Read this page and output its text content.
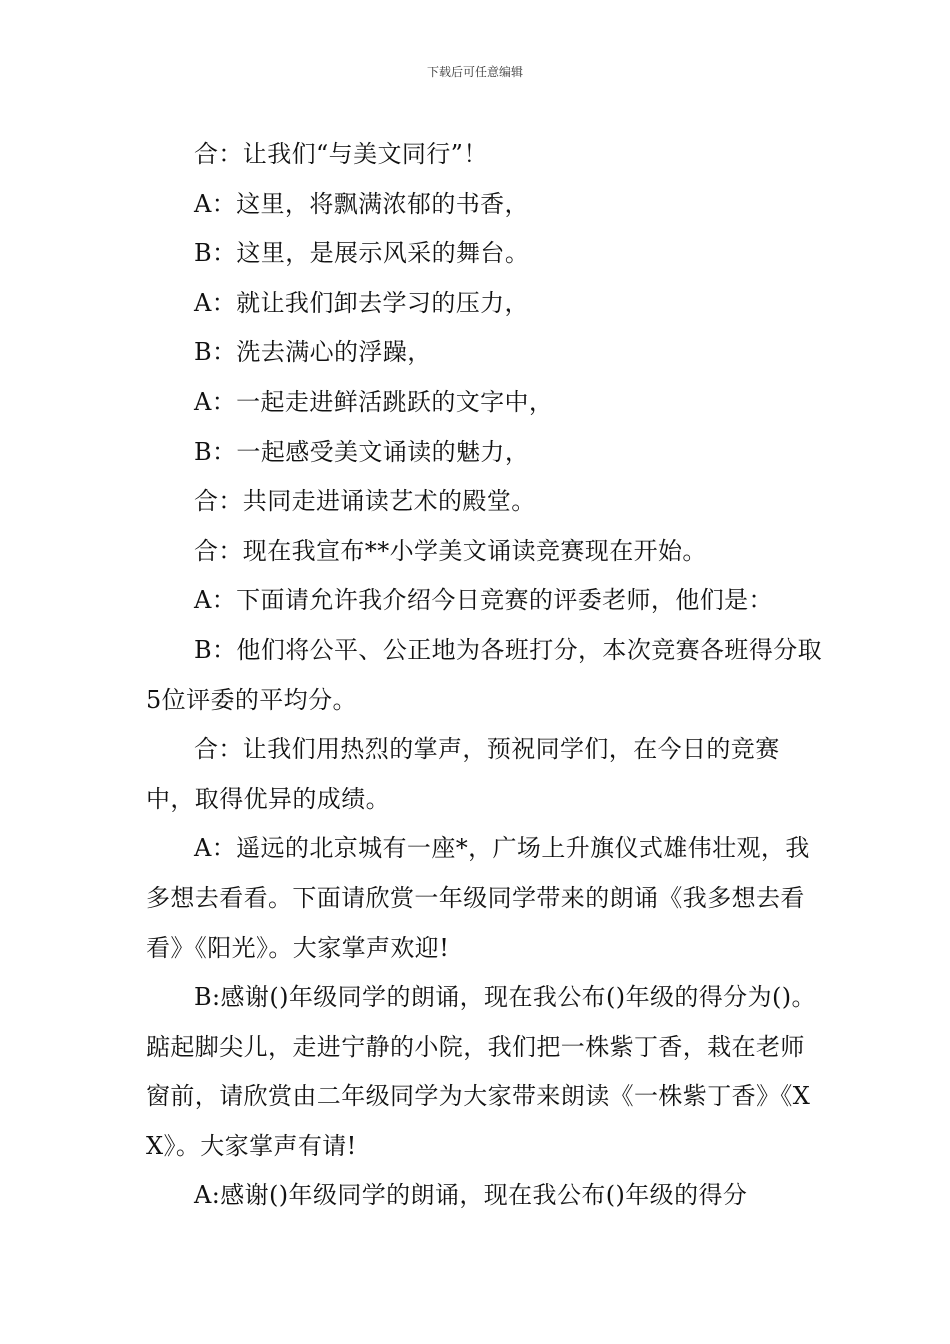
下载后可任意编辑

合：让我们“与美文同行”！

A：这里，将飘满浓郁的书香，

B：这里，是展示风采的舞台。

A：就让我们卸去学习的压力，

B：洗去满心的浮躁，

A：一起走进鲜活跳跃的文字中，

B：一起感受美文诵读的魅力，

合：共同走进诵读艺术的殿堂。

合：现在我宣布**小学美文诵读竞赛现在开始。

A：下面请允许我介绍今日竞赛的评委老师，他们是：

B：他们将公平、公正地为各班打分，本次竞赛各班得分取5位评委的平均分。

合：让我们用热烈的掌声，预祝同学们，在今日的竞赛中，取得优异的成绩。

A：遥远的北京城有一座*，广场上升旗仪式雄伟壮观，我多想去看看。下面请欣赏一年级同学带来的朗诵《我多想去看看》《阳光》。大家掌声欢迎!

B:感谢()年级同学的朗诵，现在我公布()年级的得分为()。踮起脚尖儿，走进宁静的小院，我们把一株紫丁香，栽在老师窗前，请欣赏由二年级同学为大家带来朗读《一株紫丁香》《XX》。大家掌声有请!

A:感谢()年级同学的朗诵，现在我公布()年级的得分
